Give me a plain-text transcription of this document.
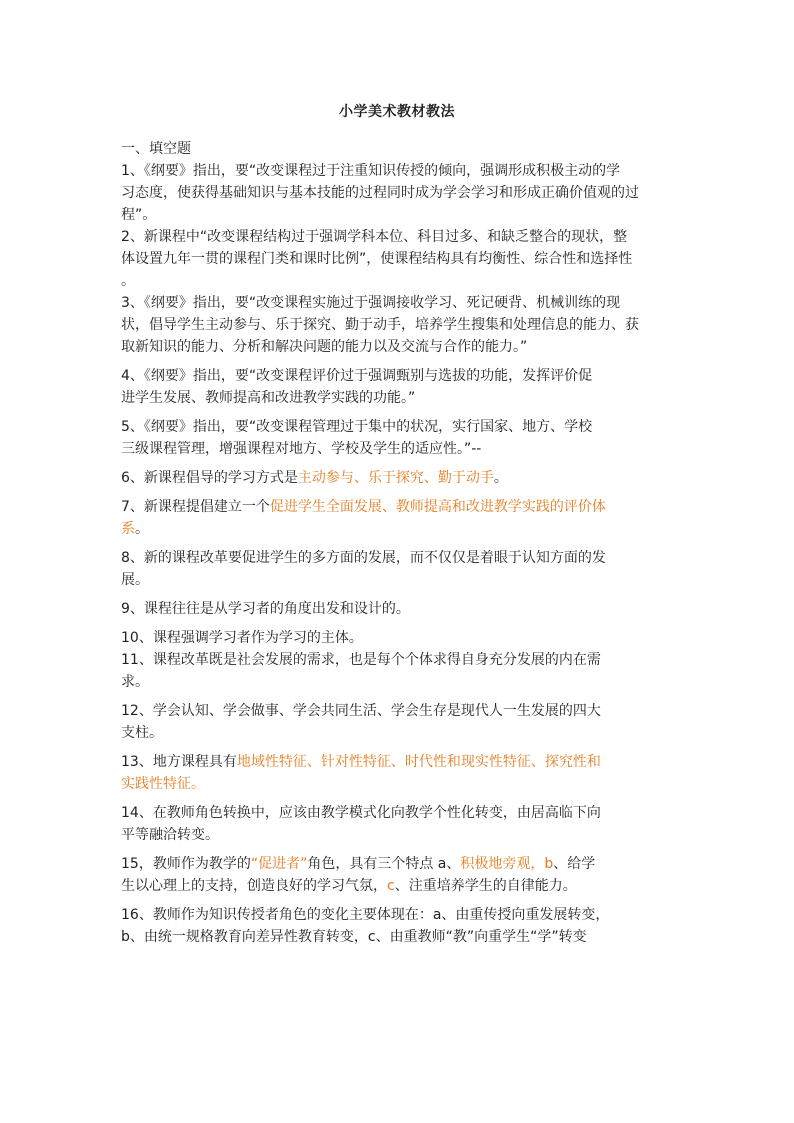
小学美术教材教法
一、填空题
1、《纲要》指出，要“改变课程过于注重知识传授的倾向，强调形成积极主动的学
习态度，使获得基础知识与基本技能的过程同时成为学会学习和形成正确价值观的过
程”。
2、新课程中“改变课程结构过于强调学科本位、科目过多、和缺乏整合的现状，整
体设置九年一贯的课程门类和课时比例”，使课程结构具有均衡性、综合性和选择性
。
3、《纲要》指出，要“改变课程实施过于强调接收学习、死记硬背、机械训练的现
状，倡导学生主动参与、乐于探究、勤于动手，培养学生搜集和处理信息的能力、获
取新知识的能力、分析和解决问题的能力以及交流与合作的能力。”
4、《纲要》指出，要“改变课程评价过于强调甄别与选拔的功能，发挥评价促
进学生发展、教师提高和改进教学实践的功能。”
5、《纲要》指出，要“改变课程管理过于集中的状况，实行国家、地方、学校
三级课程管理，增强课程对地方、学校及学生的适应性。”--
6、新课程倡导的学习方式是主动参与、乐于探究、勤于动手。
7、新课程提倡建立一个促进学生全面发展、教师提高和改进教学实践的评价体
系。
8、新的课程改革要促进学生的多方面的发展，而不仅仅是着眼于认知方面的发
展。
9、课程往往是从学习者的角度出发和设计的。
10、课程强调学习者作为学习的主体。
11、课程改革既是社会发展的需求，也是每个个体求得自身充分发展的内在需
求。
12、学会认知、学会做事、学会共同生活、学会生存是现代人一生发展的四大
支柱。
13、地方课程具有地域性特征、针对性特征、时代性和现实性特征、探究性和
实践性特征。
14、在教师角色转换中，应该由教学模式化向教学个性化转变，由居高临下向
平等融洽转变。
15，教师作为教学的“促进者”角色，具有三个特点 a、积极地旁观，b、给学
生以心理上的支持，创造良好的学习气氛，c、注重培养学生的自律能力。
16、教师作为知识传授者角色的变化主要体现在：a、由重传授向重发展转变，
b、由统一规格教育向差异性教育转变，c、由重教师“教”向重学生“学”转变
